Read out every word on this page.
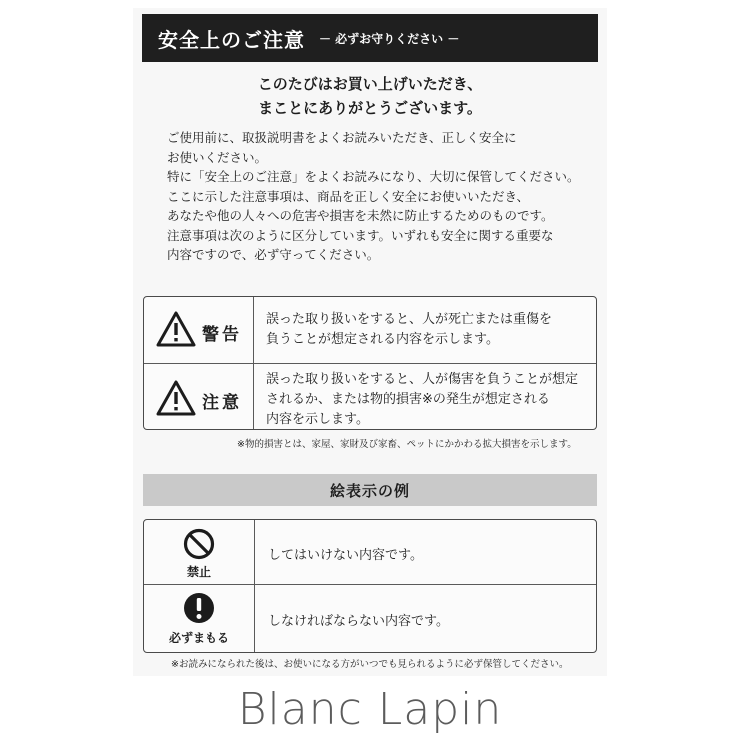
安全上のご注意 － 必ずお守りください －
このたびはお買い上げいただき、
まことにありがとうございます。
ご使用前に、取扱説明書をよくお読みいただき、正しく安全に
お使いください。
特に「安全上のご注意」をよくお読みになり、大切に保管してください。
ここに示した注意事項は、商品を正しく安全にお使いいただき、
あなたや他の人々への危害や損害を未然に防止するためのものです。
注意事項は次のように区分しています。いずれも安全に関する重要な
内容ですので、必ず守ってください。
警告
誤った取り扱いをすると、人が死亡または重傷を
負うことが想定される内容を示します。
注意
誤った取り扱いをすると、人が傷害を負うことが想定
されるか、または物的損害※の発生が想定される
内容を示します。
※物的損害とは、家屋、家財及び家畜、ペットにかかわる拡大損害を示します。
絵表示の例
禁止
してはいけない内容です。
必ずまもる
しなければならない内容です。
※お読みになられた後は、お使いになる方がいつでも見られるように必ず保管してください。
Blanc Lapin
